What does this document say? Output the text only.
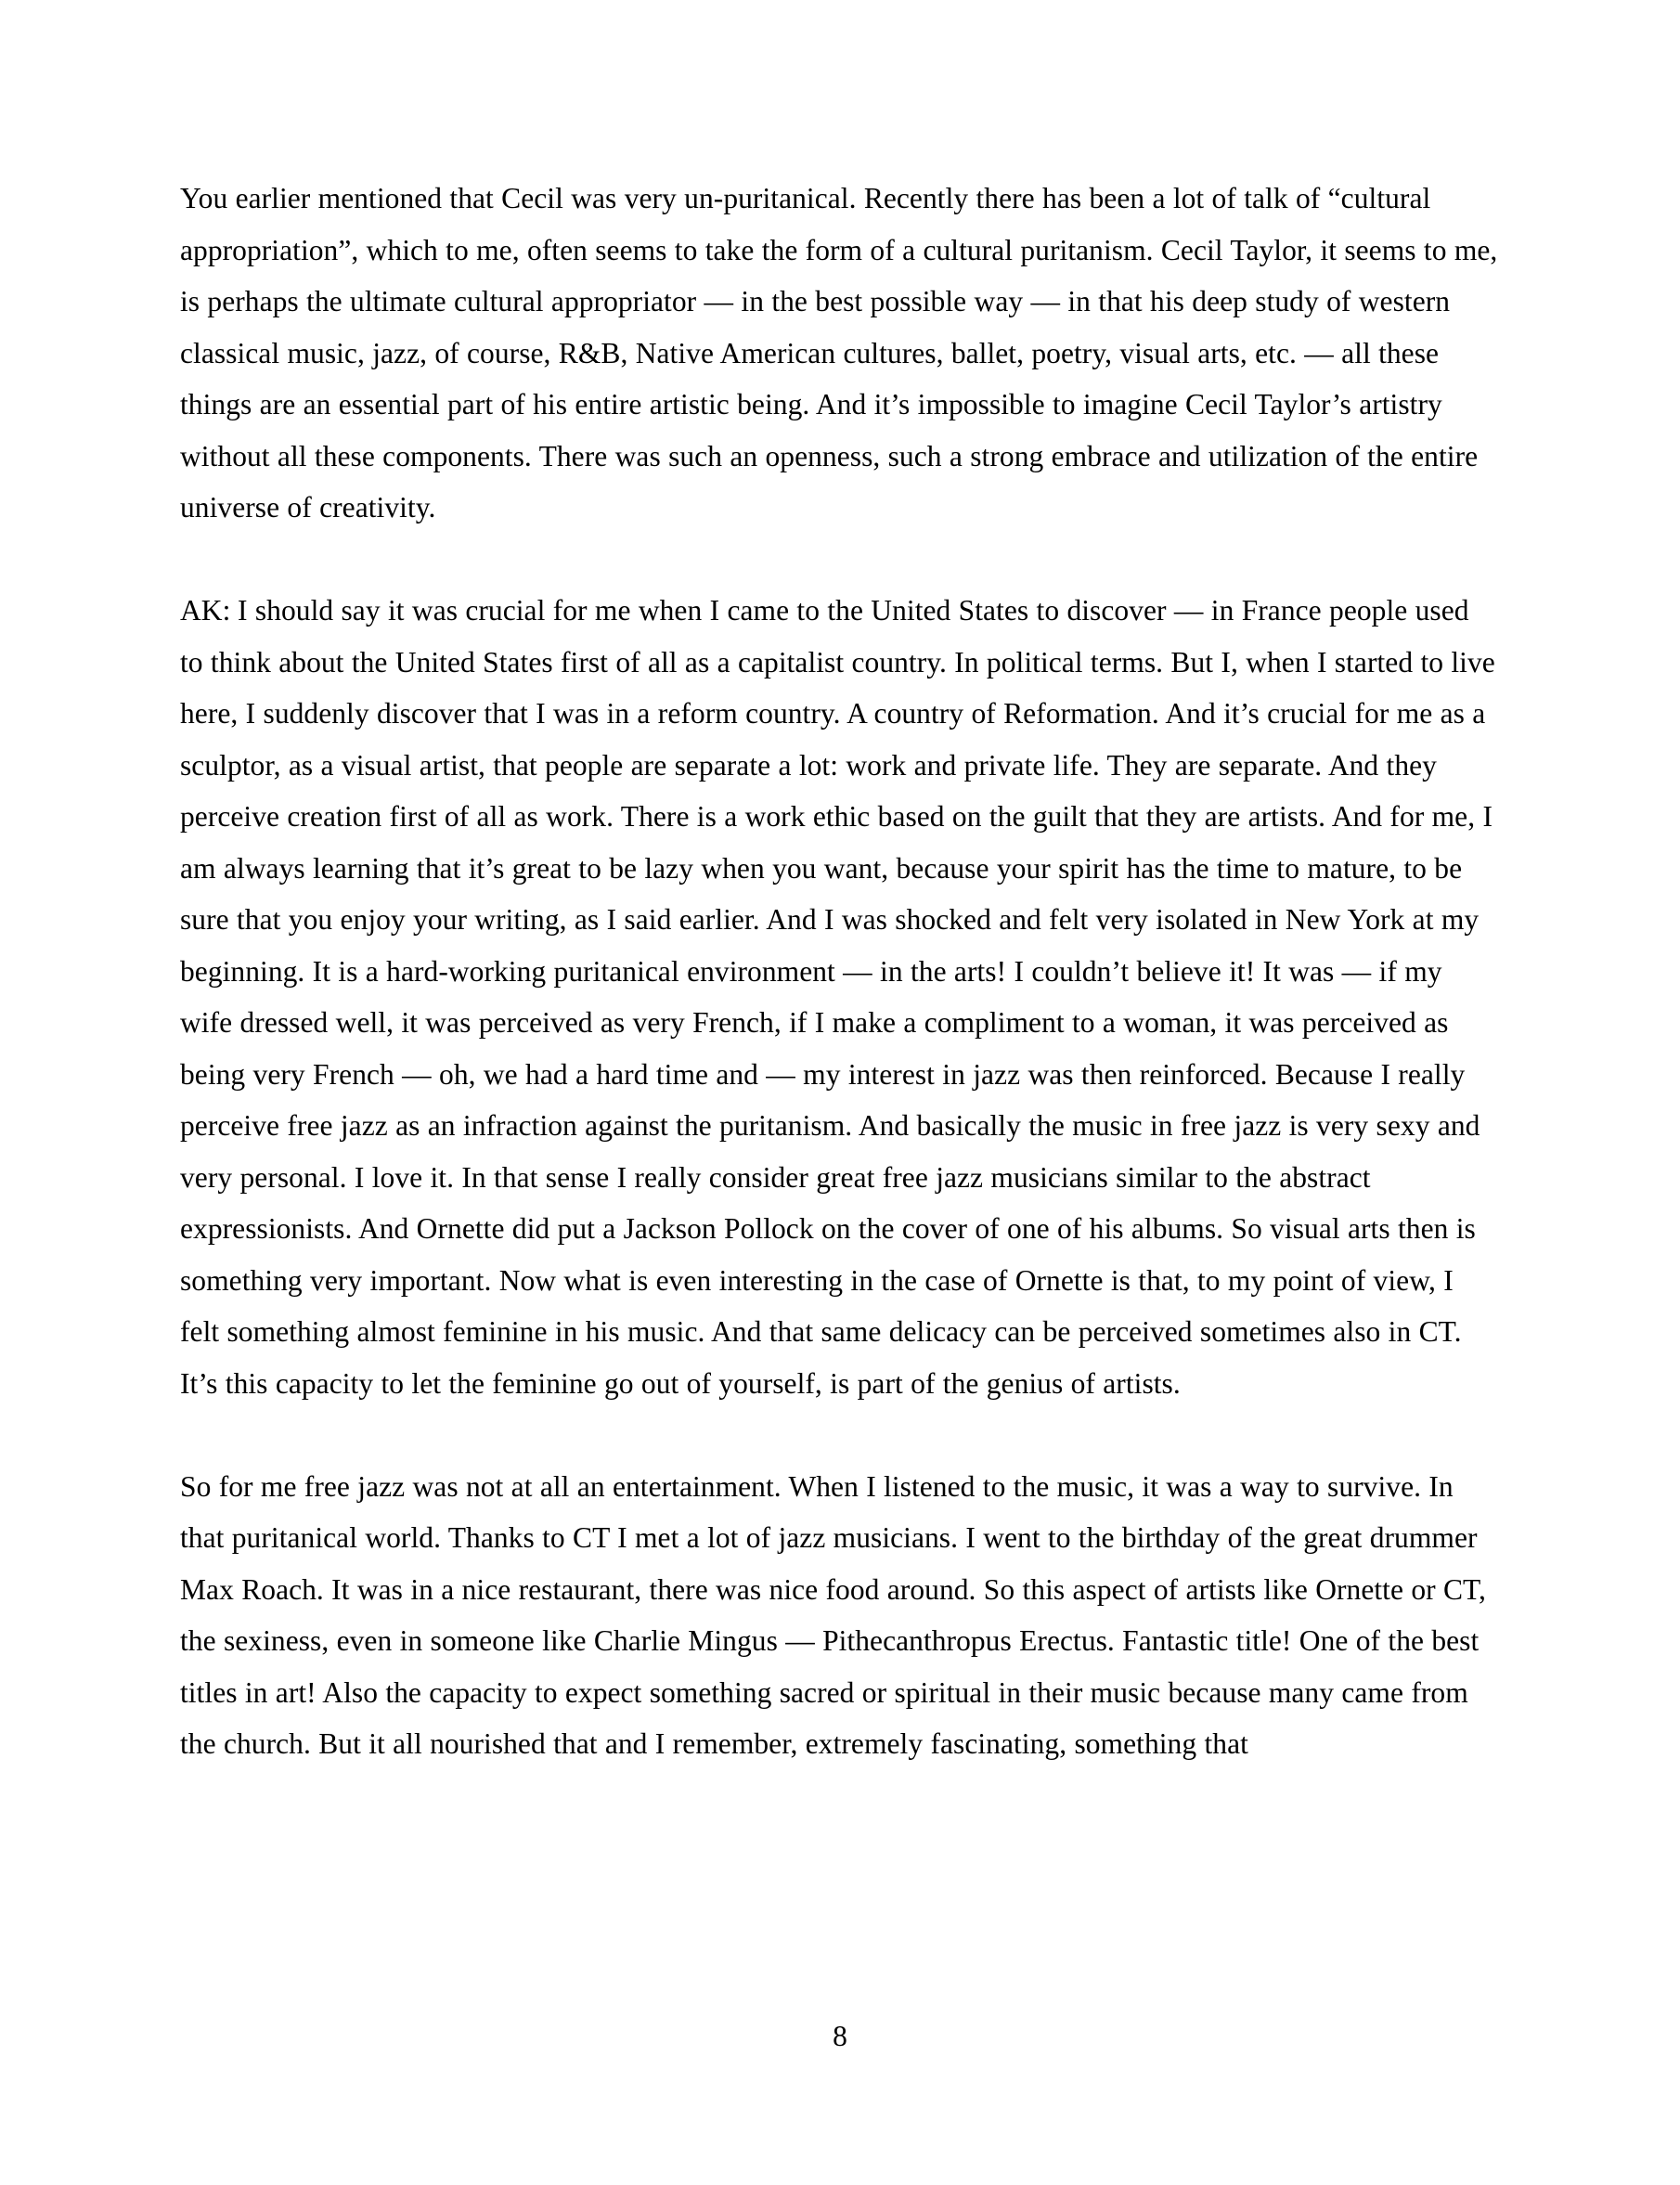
You earlier mentioned that Cecil was very un-puritanical. Recently there has been a lot of talk of “cultural appropriation”, which to me, often seems to take the form of a cultural puritanism. Cecil Taylor, it seems to me, is perhaps the ultimate cultural appropriator — in the best possible way — in that his deep study of western classical music, jazz, of course, R&B, Native American cultures, ballet, poetry, visual arts, etc. — all these things are an essential part of his entire artistic being. And it’s impossible to imagine Cecil Taylor’s artistry without all these components. There was such an openness, such a strong embrace and utilization of the entire universe of creativity.

AK: I should say it was crucial for me when I came to the United States to discover — in France people used to think about the United States first of all as a capitalist country. In political terms. But I, when I started to live here, I suddenly discover that I was in a reform country. A country of Reformation. And it’s crucial for me as a sculptor, as a visual artist, that people are separate a lot: work and private life. They are separate. And they perceive creation first of all as work. There is a work ethic based on the guilt that they are artists. And for me, I am always learning that it’s great to be lazy when you want, because your spirit has the time to mature, to be sure that you enjoy your writing, as I said earlier. And I was shocked and felt very isolated in New York at my beginning. It is a hard-working puritanical environment — in the arts! I couldn’t believe it! It was — if my wife dressed well, it was perceived as very French, if I make a compliment to a woman, it was perceived as being very French — oh, we had a hard time and — my interest in jazz was then reinforced. Because I really perceive free jazz as an infraction against the puritanism. And basically the music in free jazz is very sexy and very personal. I love it. In that sense I really consider great free jazz musicians similar to the abstract expressionists. And Ornette did put a Jackson Pollock on the cover of one of his albums. So visual arts then is something very important. Now what is even interesting in the case of Ornette is that, to my point of view, I felt something almost feminine in his music. And that same delicacy can be perceived sometimes also in CT. It’s this capacity to let the feminine go out of yourself, is part of the genius of artists.

So for me free jazz was not at all an entertainment. When I listened to the music, it was a way to survive. In that puritanical world. Thanks to CT I met a lot of jazz musicians. I went to the birthday of the great drummer Max Roach. It was in a nice restaurant, there was nice food around. So this aspect of artists like Ornette or CT, the sexiness, even in someone like Charlie Mingus — Pithecanthropus Erectus. Fantastic title! One of the best titles in art! Also the capacity to expect something sacred or spiritual in their music because many came from the church. But it all nourished that and I remember, extremely fascinating, something that

8
